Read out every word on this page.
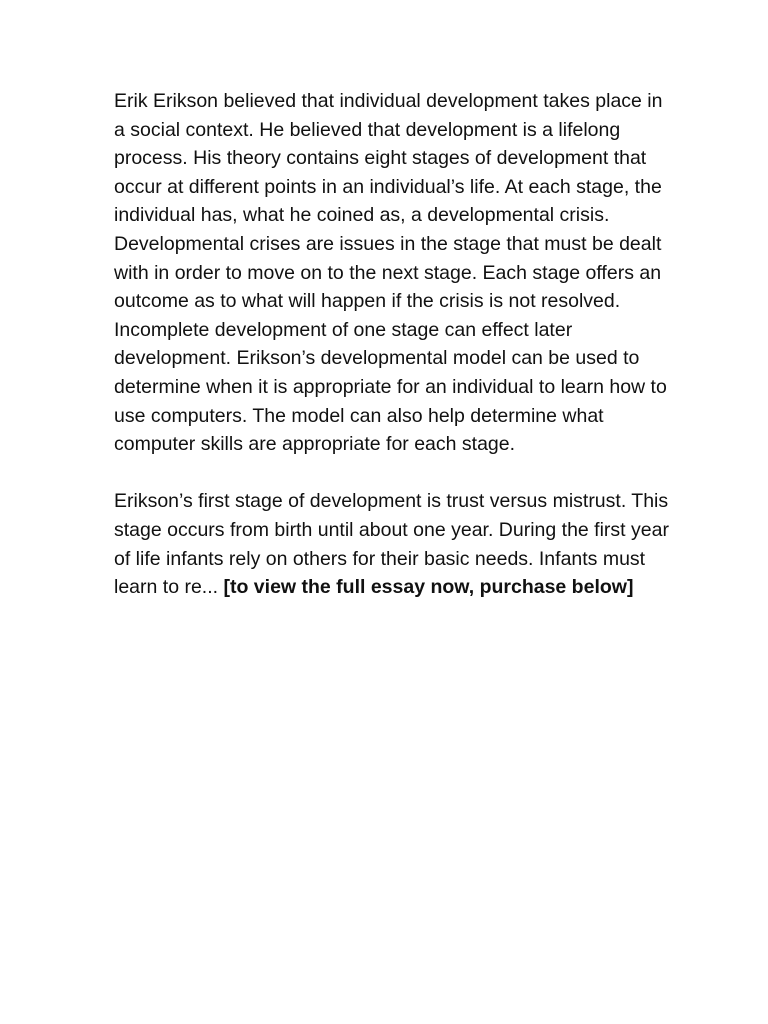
Erik Erikson believed that individual development takes place in a social context. He believed that development is a lifelong process. His theory contains eight stages of development that occur at different points in an individual’s life. At each stage, the individual has, what he coined as, a developmental crisis. Developmental crises are issues in the stage that must be dealt with in order to move on to the next stage. Each stage offers an outcome as to what will happen if the crisis is not resolved.

Incomplete development of one stage can effect later development. Erikson’s developmental model can be used to determine when it is appropriate for an individual to learn how to use computers. The model can also help determine what computer skills are appropriate for each stage.

Erikson’s first stage of development is trust versus mistrust. This stage occurs from birth until about one year. During the first year of life infants rely on others for their basic needs. Infants must learn to re... [to view the full essay now, purchase below]
